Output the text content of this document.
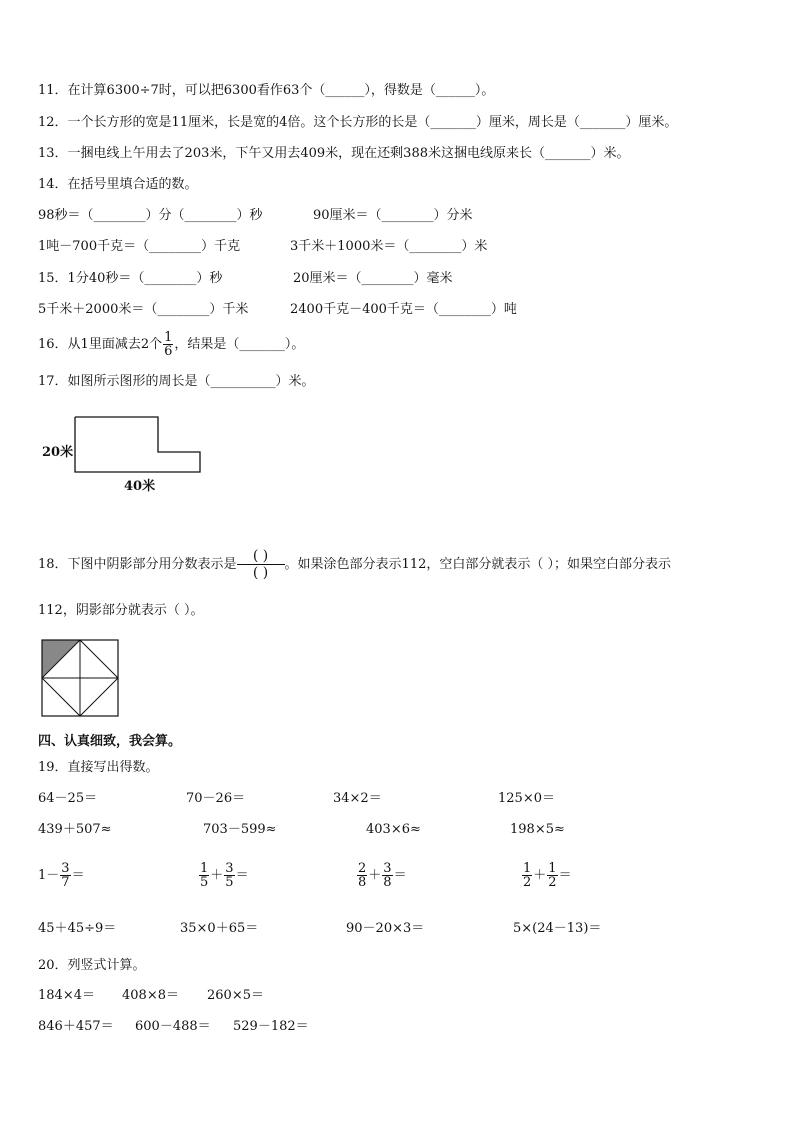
11．在计算6300÷7时，可以把6300看作63个（______），得数是（______）。
12．一个长方形的宽是11厘米，长是宽的4倍。这个长方形的长是（_______）厘米，周长是（_______）厘米。
13．一捆电线上午用去了203米，下午又用去409米，现在还剩388米这捆电线原来长（_______）米。
14．在括号里填合适的数。
98秒＝（________）分（________）秒	90厘米＝（________）分米
1吨－700千克＝（________）千克	3千米＋1000米＝（________）米
15．1分40秒＝（________）秒	20厘米＝（________）毫米
5千米＋2000米＝（________）千米	2400千克－400千克＝（________）吨
16．从1里面减去2个 $\frac{1}{6}$ ，结果是（_______）。
17．如图所示图形的周长是（__________）米。
20米
40米
18．下图中阴影部分用分数表示是
( )
( )
。如果涂色部分表示112，空白部分就表示（ ）；如果空白部分表示
112，阴影部分就表示（ ）。
四、认真细致，我会算。
19．直接写出得数。
64－25＝	70－26＝	34×2＝	125×0＝
439＋507≈	703－599≈	403×6≈	198×5≈
$1- \frac{3}{7}$ ＝	$\frac{1}{5} + \frac{3}{5}$ ＝	$\frac{2}{8} + \frac{3}{8}$ ＝	$\frac{1}{2} + \frac{1}{2}$ ＝
45＋45÷9＝	35×0＋65＝	90－20×3＝	5×(24－13)＝
20．列竖式计算。
184×4＝ 408×8＝ 260×5＝
846＋457＝ 600－488＝ 529－182＝
